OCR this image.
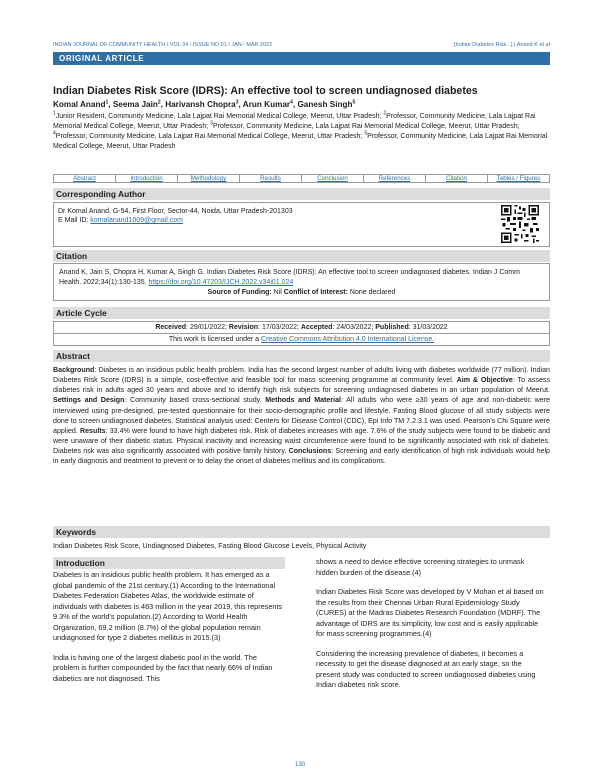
INDIAN JOURNAL OF COMMUNITY HEALTH / VOL 34 / ISSUE NO 01 / JAN– MAR 2022	[Indian Diabetes Risk...] | Anand K et al
ORIGINAL ARTICLE
Indian Diabetes Risk Score (IDRS): An effective tool to screen undiagnosed diabetes
Komal Anand$^1$, Seema Jain$^2$, Harivansh Chopra$^3$, Arun Kumar$^4$, Ganesh Singh$^5$
$^1$Junior Resident, Community Medicine, Lala Lajpat Rai Memorial Medical College, Meerut, Uttar Pradesh; $^2$Professor, Community Medicine, Lala Lajpat Rai Memorial Medical College, Meerut, Uttar Pradesh; $^3$Professor, Community Medicine, Lala Lajpat Rai Memorial Medical College, Meerut, Uttar Pradesh; $^4$Professor, Community Medicine, Lala Lajpat Rai Memorial Medical College, Meerut, Uttar Pradesh; $^5$Professor, Community Medicine, Lala Lajpat Rai Memorial Medical College, Meerut, Uttar Pradesh
Abstract	Introduction	Methodology	Results	Conclusion	References	Citation	Tables / Figures
Corresponding Author
Dr Komal Anand, G-54, First Floor, Sector-44, Noida, Uttar Pradesh-201303
E Mail ID: komalanand1009@gmail.com
Citation
Anand K, Jain S, Chopra H, Kumar A, Singh G. Indian Diabetes Risk Score (IDRS): An effective tool to screen undiagnosed diabetes. Indian J Comm Health. 2022;34(1):130-135. https://doi.org/10.47203/IJCH.2022.v34i01.024
Source of Funding: Nil Conflict of Interest: None declared
Article Cycle
Received: 29/01/2022; Revision: 17/03/2022; Accepted: 24/03/2022; Published: 31/03/2022
This work is licensed under a Creative Commons Attribution 4.0 International License.
Abstract
Background: Diabetes is an insidious public health problem. India has the second largest number of adults living with diabetes worldwide (77 million). Indian Diabetes Risk Score (IDRS) is a simple, cost-effective and feasible tool for mass screening programme at community level. Aim & Objective: To assess diabetes risk in adults aged 30 years and above and to identify high risk subjects for screening undiagnosed diabetes in an urban population of Meerut. Settings and Design: Community based cross-sectional study. Methods and Material: All adults who were ≥30 years of age and non-diabetic were interviewed using pre-designed, pre-tested questionnaire for their socio-demographic profile and lifestyle. Fasting Blood glucose of all study subjects were done to screen undiagnosed diabetes. Statistical analysis used: Centers for Disease Control (CDC), Epi Info TM 7.2.3.1 was used. Pearson’s Chi Square were applied. Results: 33.4% were found to have high diabetes risk. Risk of diabetes increases with age. 7.6% of the study subjects were found to be diabetic and were unaware of their diabetic status. Physical inactivity and increasing waist circumference were found to be significantly associated with risk of diabetes. Diabetes risk was also significantly associated with positive family history. Conclusions: Screening and early identification of high risk individuals would help in early diagnosis and treatment to prevent or to delay the onset of diabetes mellitus and its complications.
Keywords
Indian Diabetes Risk Score, Undiagnosed Diabetes, Fasting Blood Glucose Levels, Physical Activity
Introduction

Diabetes is an insidious public health problem. It has emerged as a global pandemic of the 21st century.(1) According to the International Diabetes Federation Diabetes Atlas, the worldwide estimate of individuals with diabetes is 463 million in the year 2019, this represents 9.3% of the world’s population.(2) According to World Health Organization, 69.2 million (8.7%) of the global population remain undiagnosed for type 2 diabetes mellitus in 2015.(3)

India is having one of the largest diabetic pool in the world. The problem is further compounded by the fact that nearly 66% of Indian diabetics are not diagnosed. This

shows a need to device effective screening strategies to unmask hidden burden of the disease.(4)

Indian Diabetes Risk Score was developed by V Mohan et al based on the results from their Chennai Urban Rural Epidemiology Study (CURES) at the Madras Diabetes Research Foundation (MDRF). The advantage of IDRS are its simplicity, low cost and is easily applicable for mass screening programmes.(4)

Considering the increasing prevalence of diabetes, it becomes a necessity to get the disease diagnosed at an early stage, so the present study was conducted to screen undiagnosed diabetes using Indian diabetes risk score.

130
